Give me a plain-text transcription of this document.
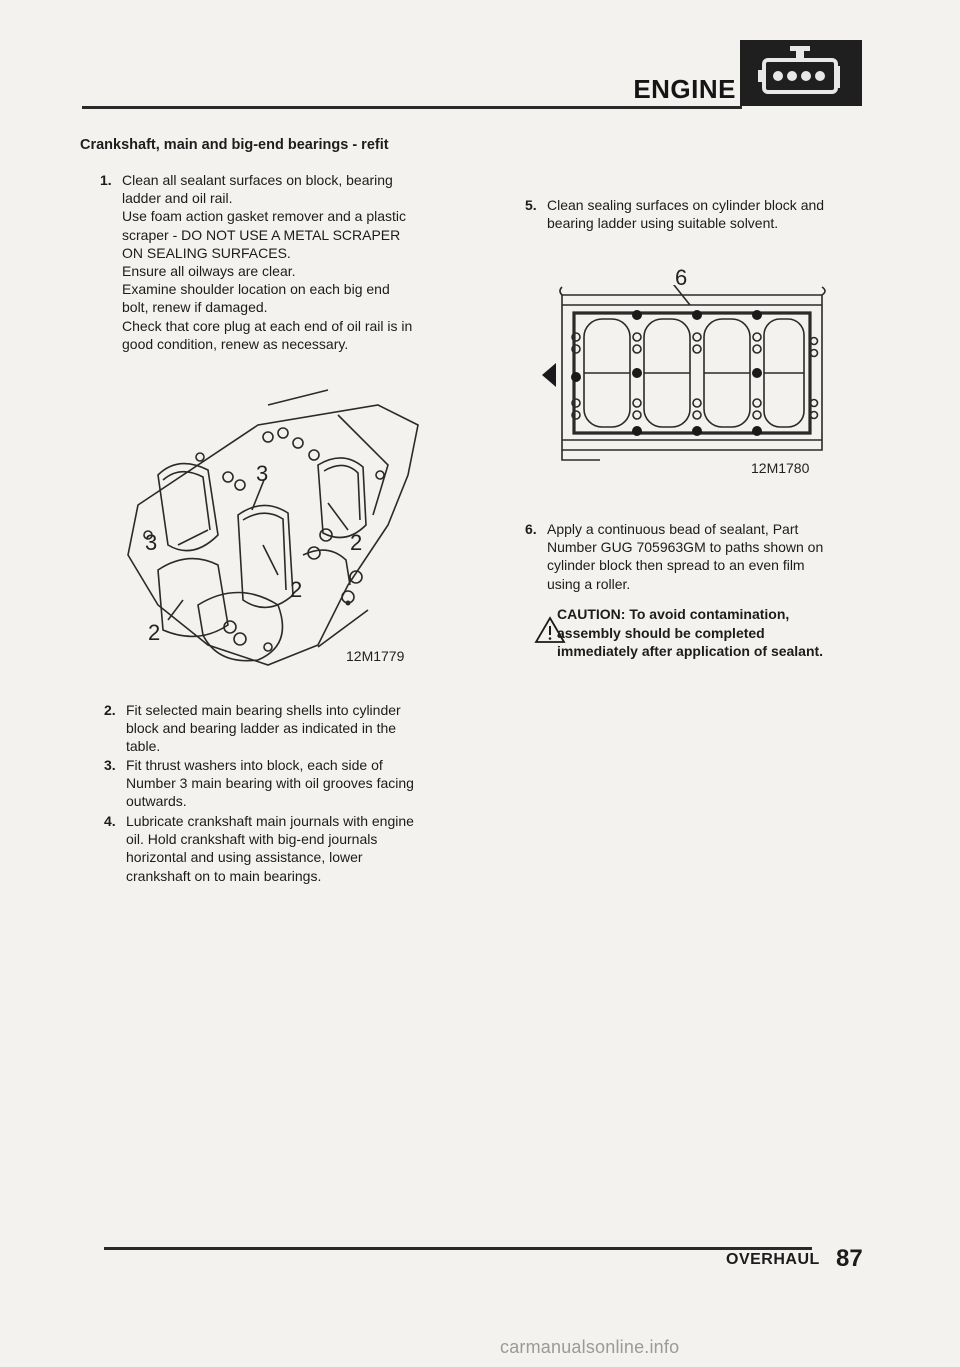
ENGINE
Crankshaft, main and big-end bearings - refit
1. Clean all sealant surfaces on block, bearing
ladder and oil rail.
Use foam action gasket remover and a plastic
scraper - DO NOT USE A METAL SCRAPER
ON SEALING SURFACES.
Ensure all oilways are clear.
Examine shoulder location on each big end
bolt, renew if damaged.
Check that core plug at each end of oil rail is in
good condition, renew as necessary.
3
3	2
2
2
12M1779
2. Fit selected main bearing shells into cylinder
block and bearing ladder as indicated in the
table.
3. Fit thrust washers into block, each side of
Number 3 main bearing with oil grooves facing
outwards.
4. Lubricate crankshaft main journals with engine
oil. Hold crankshaft with big-end journals
horizontal and using assistance, lower
crankshaft on to main bearings.
5. Clean sealing surfaces on cylinder block and
bearing ladder using suitable solvent.
6
12M1780
6. Apply a continuous bead of sealant, Part
Number GUG 705963GM to paths shown on
cylinder block then spread to an even film
using a roller.
CAUTION: To avoid contamination,
assembly should be completed
immediately after application of sealant.
OVERHAUL 87
carmanualsonline.info
